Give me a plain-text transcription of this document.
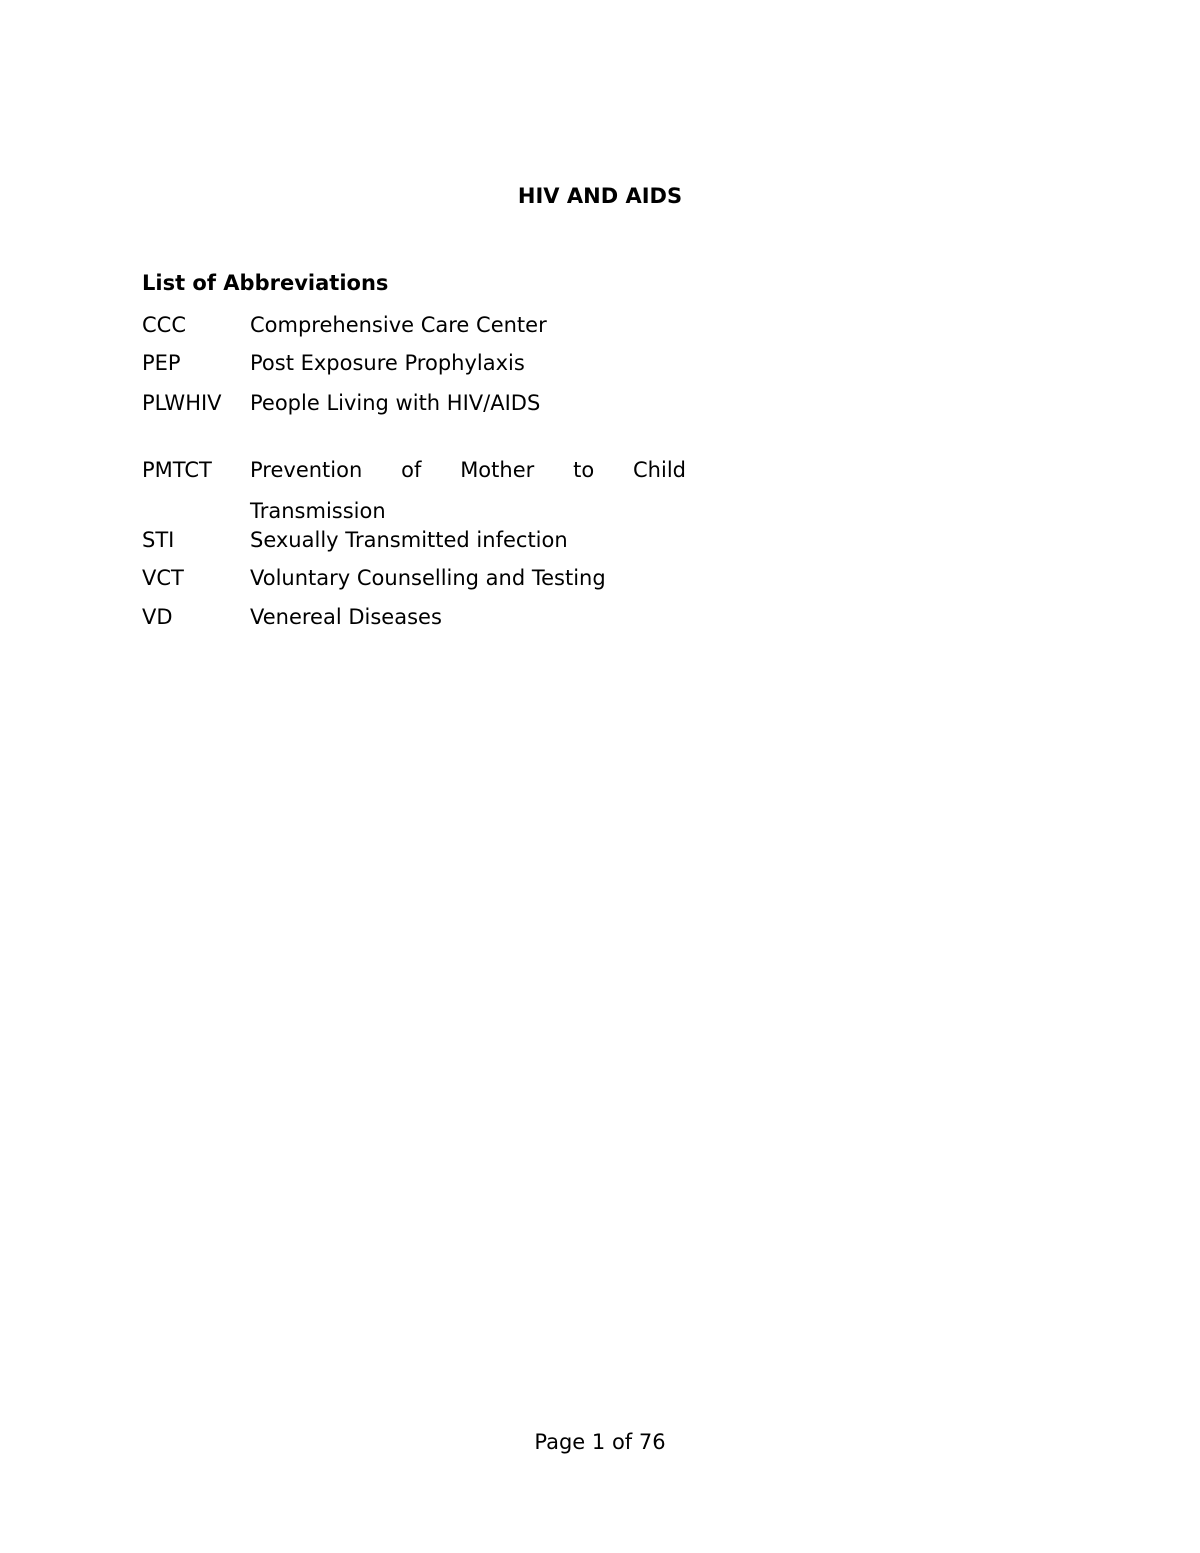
HIV AND AIDS
List of Abbreviations
CCC	Comprehensive Care Center
PEP	Post Exposure Prophylaxis
PLWHIV	People Living with HIV/AIDS
PMTCT	Prevention of Mother to Child Transmission
STI	Sexually Transmitted infection
VCT	Voluntary Counselling and Testing
VD	Venereal Diseases
Page 1 of 76
